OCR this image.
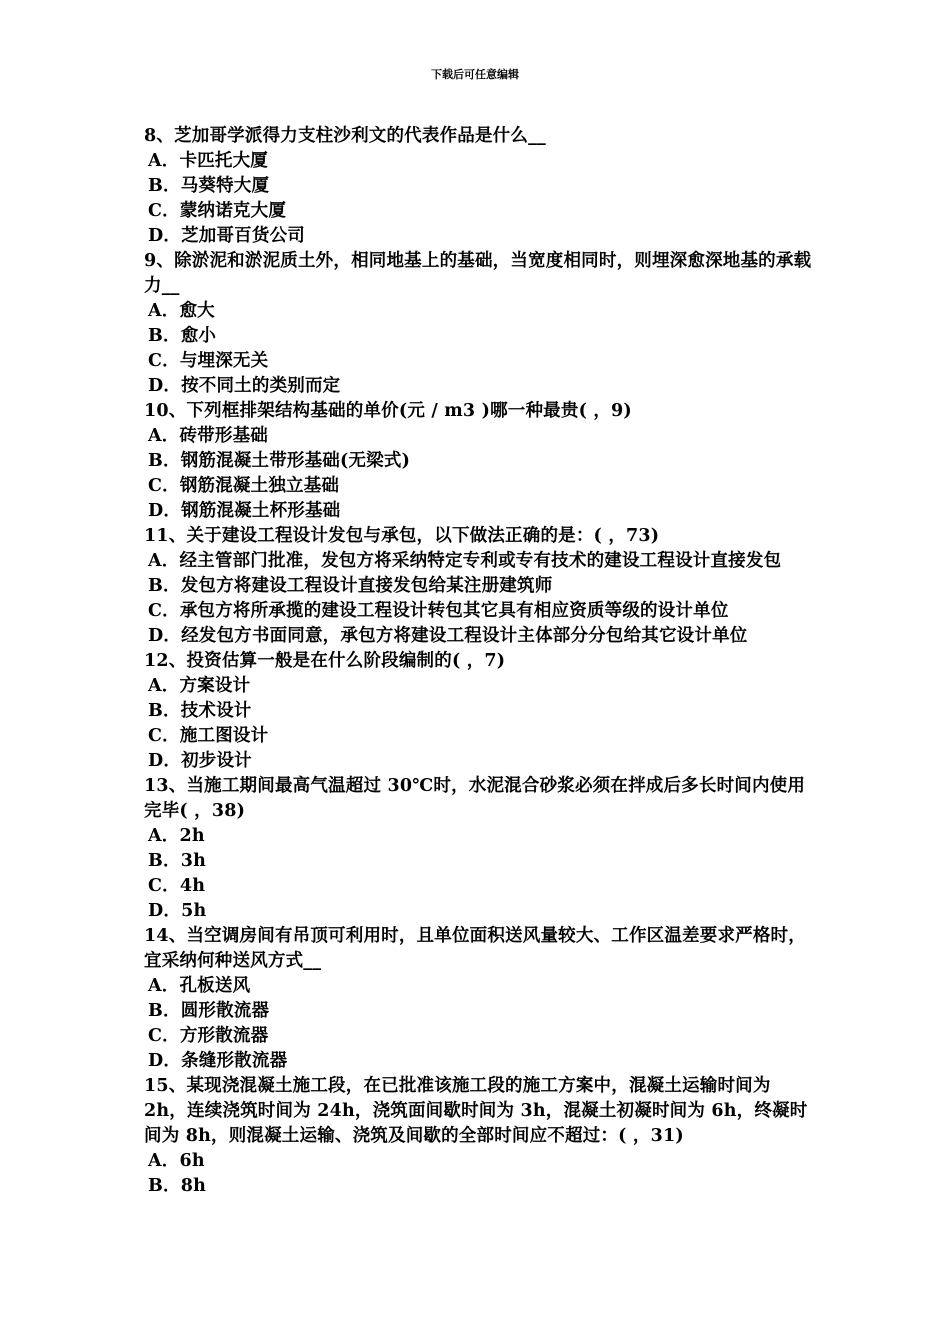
下载后可任意编辑
8、芝加哥学派得力支柱沙利文的代表作品是什么__
A．卡匹托大厦
B．马葵特大厦
C．蒙纳诺克大厦
D．芝加哥百货公司
9、除淤泥和淤泥质土外，相同地基上的基础，当宽度相同时，则埋深愈深地基的承载力__
A．愈大
B．愈小
C．与埋深无关
D．按不同土的类别而定
10、下列框排架结构基础的单价(元 / m3 )哪一种最贵( ，9)
A．砖带形基础
B．钢筋混凝土带形基础(无梁式)
C．钢筋混凝土独立基础
D．钢筋混凝土杯形基础
11、关于建设工程设计发包与承包，以下做法正确的是：( ，73)
A．经主管部门批准，发包方将采纳特定专利或专有技术的建设工程设计直接发包
B．发包方将建设工程设计直接发包给某注册建筑师
C．承包方将所承揽的建设工程设计转包其它具有相应资质等级的设计单位
D．经发包方书面同意，承包方将建设工程设计主体部分分包给其它设计单位
12、投资估算一般是在什么阶段编制的( ，7)
A．方案设计
B．技术设计
C．施工图设计
D．初步设计
13、当施工期间最高气温超过 30℃时，水泥混合砂浆必须在拌成后多长时间内使用完毕( ，38)
A．2h
B．3h
C．4h
D．5h
14、当空调房间有吊顶可利用时，且单位面积送风量较大、工作区温差要求严格时，宜采纳何种送风方式__
A．孔板送风
B．圆形散流器
C．方形散流器
D．条缝形散流器
15、某现浇混凝土施工段，在已批准该施工段的施工方案中，混凝土运输时间为 2h，连续浇筑时间为 24h，浇筑面间歇时间为 3h，混凝土初凝时间为 6h，终凝时间为 8h，则混凝土运输、浇筑及间歇的全部时间应不超过：( ，31)
A．6h
B．8h
